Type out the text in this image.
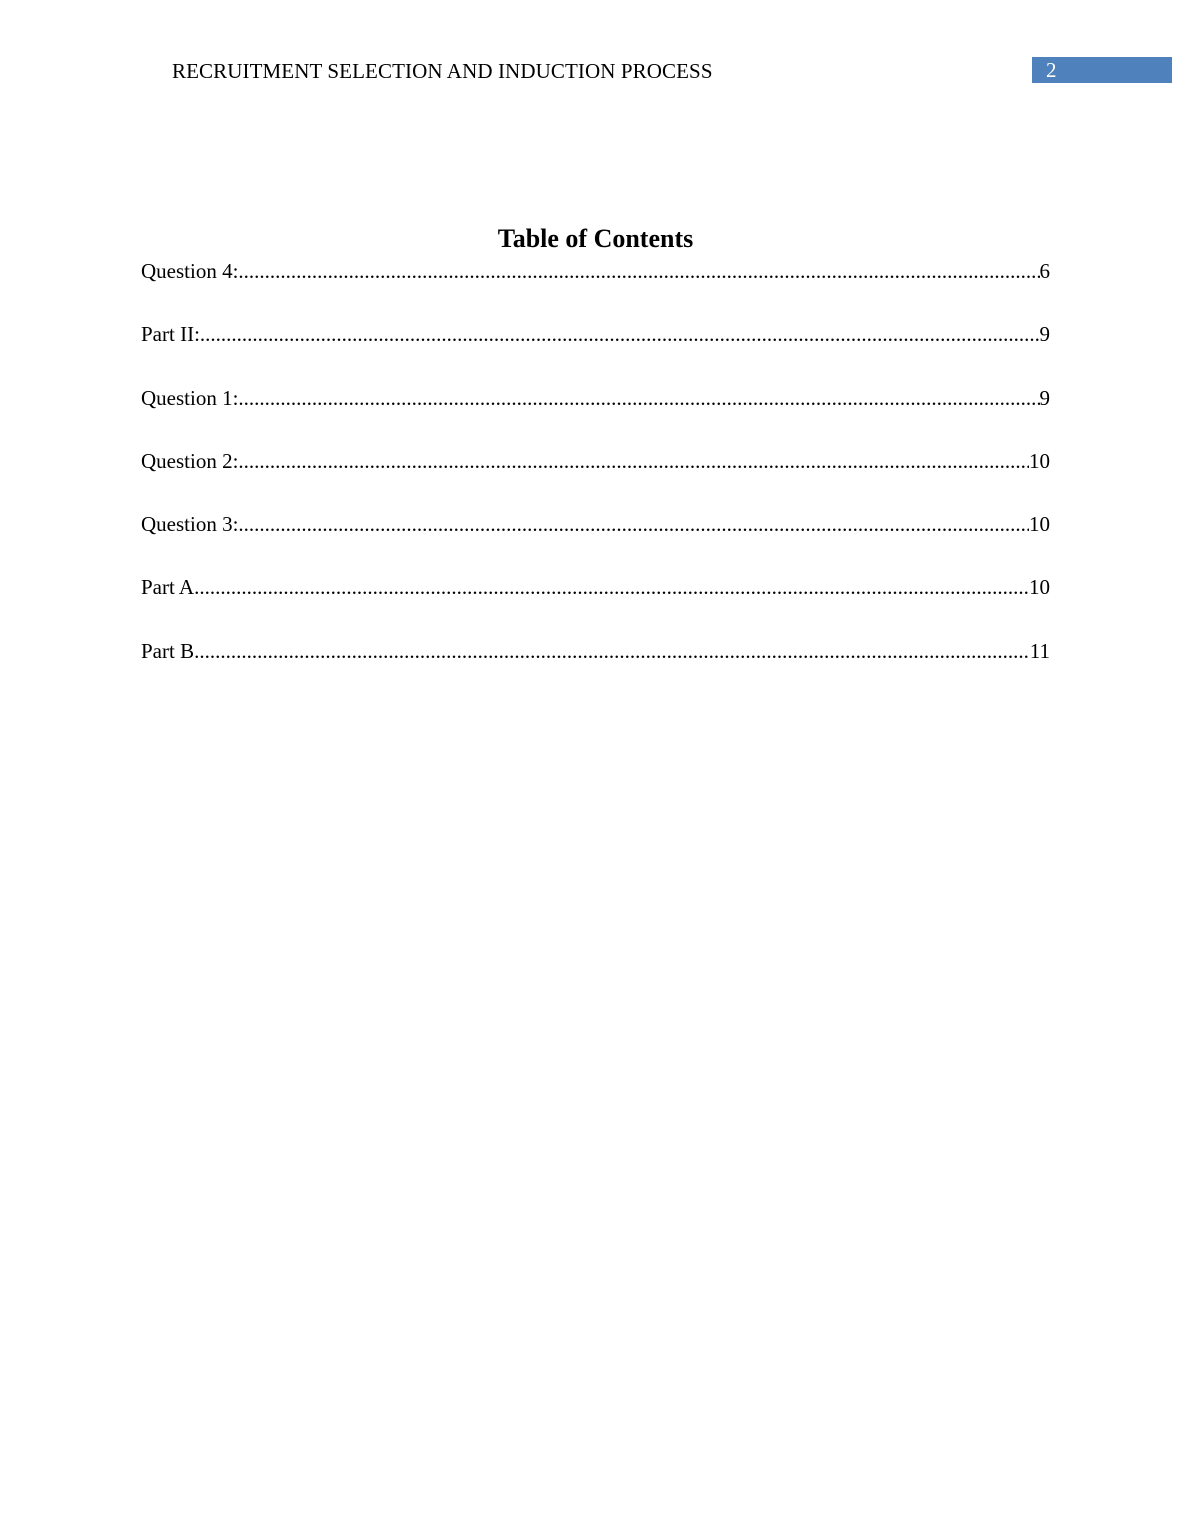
RECRUITMENT SELECTION AND INDUCTION PROCESS	2
Table of Contents
Question 4: .....	6
Part II: .....	9
Question 1: .....	9
Question 2: .....	10
Question 3: .....	10
Part A .....	10
Part B .....	11
